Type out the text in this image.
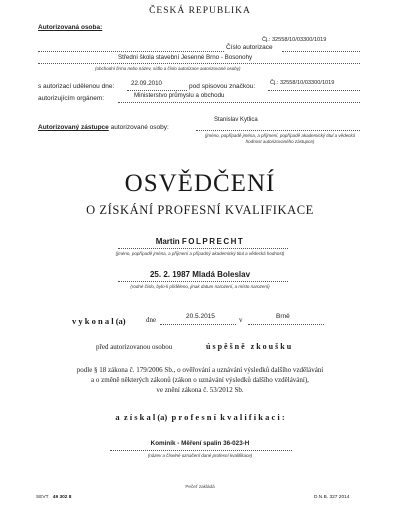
ČESKÁ REPUBLIKA
Autorizovaná osoba:
Čj.: 32558/10/03300/1019
Číslo autorizace
Střední škola stavební Jesenné Brno - Bosonohy
(obchodní firma nebo název, sídlo a číslo autorizace autorizované osoby)
s autorizací udělenou dne:	22.09.2010	pod spisovou značkou:	Čj.: 32558/10/03300/1019
autorizujícím orgánem:	Ministerstvo průmyslu a obchodu
Autorizovaný zástupce autorizované osoby:
Stanislav Kytlica
(jméno, popřípadě jména, a příjmení, popřípadě akademický titul a vědecká hodnost autorizovaného zástupce)
OSVĚDČENÍ
O ZÍSKÁNÍ PROFESNÍ KVALIFIKACE
Martin FOLPRECHT
(jméno, popřípadě jména, a příjmení a případný akademický titul a vědecká hodnost)
25. 2. 1987 Mladá Boleslav
(rodné číslo, bylo-li přiděleno, jinak datum narození, a místo narození)
v y k o n a l (a)	dne	20.5.2015	v	Brně
před autorizovanou osobou	ú s p ě š n ě   z k o u š k u
podle § 18 zákona č. 179/2006 Sb., o ověřování a uznávání výsledků dalšího vzdělávání
a o změně některých zákonů (zákon o uznávání výsledků dalšího vzdělávání),
ve znění zákona č. 53/2012 Sb.
a  z í s k a l (a)  p r o f e s n í  k v a l i f i k a c i :
Kominík - Měření spalin 36-023-H
(název a číselné označení dané profesní kvalifikace)
Pečeť zakládá
SEVT 49 302 8	D.N.B. 327 2014
